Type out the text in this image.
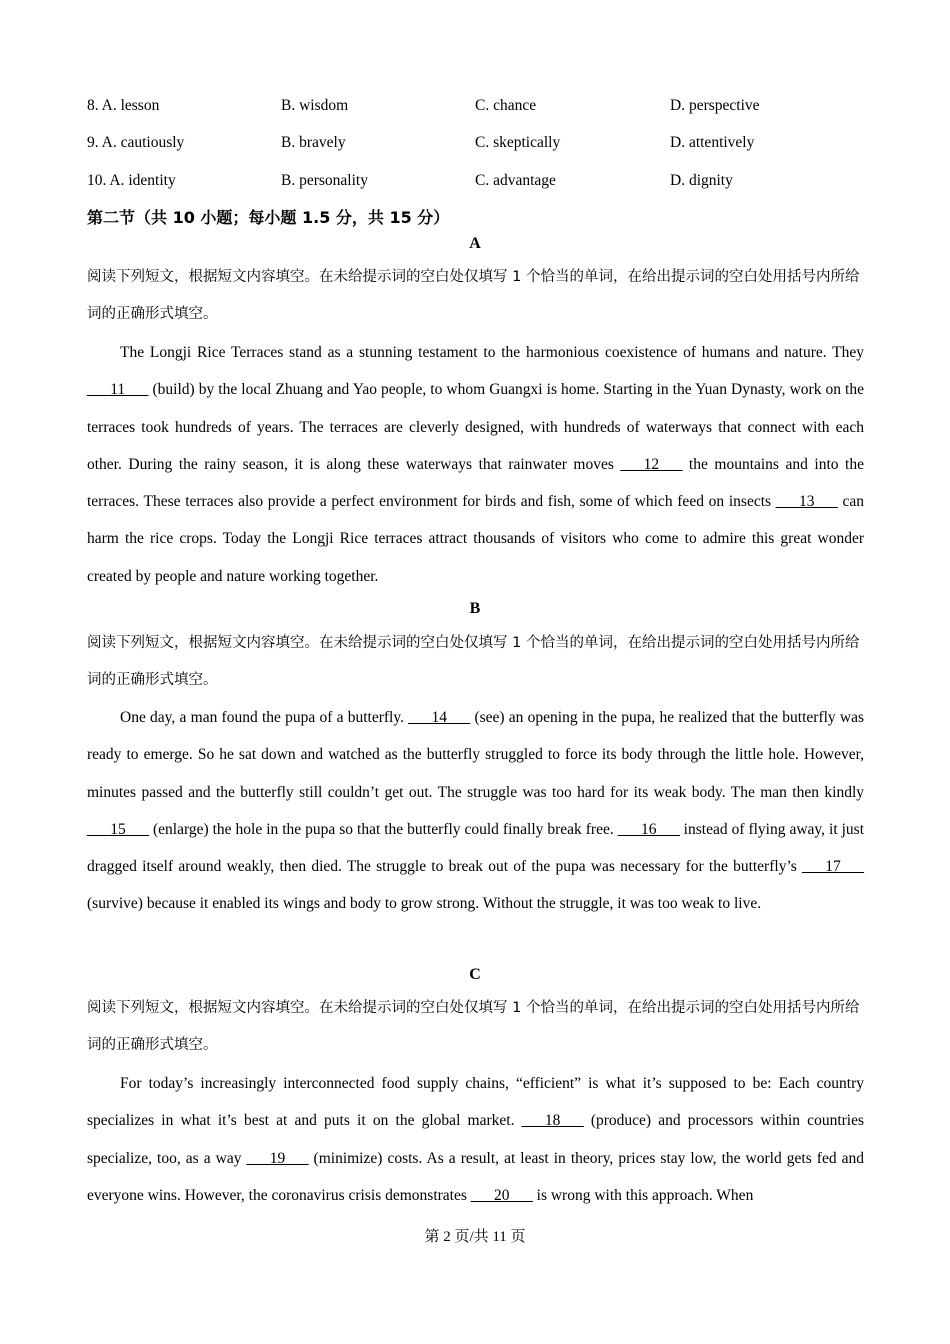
8. A. lesson	B. wisdom	C. chance	D. perspective
9. A. cautiously	B. bravely	C. skeptically	D. attentively
10. A. identity	B. personality	C. advantage	D. dignity
第二节（共 10 小题；每小题 1.5 分，共 15 分）
A
阅读下列短文，根据短文内容填空。在未给提示词的空白处仅填写 1 个恰当的单词，在给出提示词的空白处用括号内所给词的正确形式填空。
The Longji Rice Terraces stand as a stunning testament to the harmonious coexistence of humans and nature. They ___11___ (build) by the local Zhuang and Yao people, to whom Guangxi is home. Starting in the Yuan Dynasty, work on the terraces took hundreds of years. The terraces are cleverly designed, with hundreds of waterways that connect with each other. During the rainy season, it is along these waterways that rainwater moves ___12___ the mountains and into the terraces. These terraces also provide a perfect environment for birds and fish, some of which feed on insects ___13___ can harm the rice crops. Today the Longji Rice terraces attract thousands of visitors who come to admire this great wonder created by people and nature working together.
B
阅读下列短文，根据短文内容填空。在未给提示词的空白处仅填写 1 个恰当的单词，在给出提示词的空白处用括号内所给词的正确形式填空。
One day, a man found the pupa of a butterfly. ___14___ (see) an opening in the pupa, he realized that the butterfly was ready to emerge. So he sat down and watched as the butterfly struggled to force its body through the little hole. However, minutes passed and the butterfly still couldn’t get out. The struggle was too hard for its weak body. The man then kindly ___15___ (enlarge) the hole in the pupa so that the butterfly could finally break free. ___16___ instead of flying away, it just dragged itself around weakly, then died. The struggle to break out of the pupa was necessary for the butterfly’s ___17___ (survive) because it enabled its wings and body to grow strong. Without the struggle, it was too weak to live.
C
阅读下列短文，根据短文内容填空。在未给提示词的空白处仅填写 1 个恰当的单词，在给出提示词的空白处用括号内所给词的正确形式填空。
For today’s increasingly interconnected food supply chains, “efficient” is what it’s supposed to be: Each country specializes in what it’s best at and puts it on the global market. ___18___ (produce) and processors within countries specialize, too, as a way ___19___ (minimize) costs. As a result, at least in theory, prices stay low, the world gets fed and everyone wins. However, the coronavirus crisis demonstrates ___20___ is wrong with this approach. When
第 2 页/共 11 页
